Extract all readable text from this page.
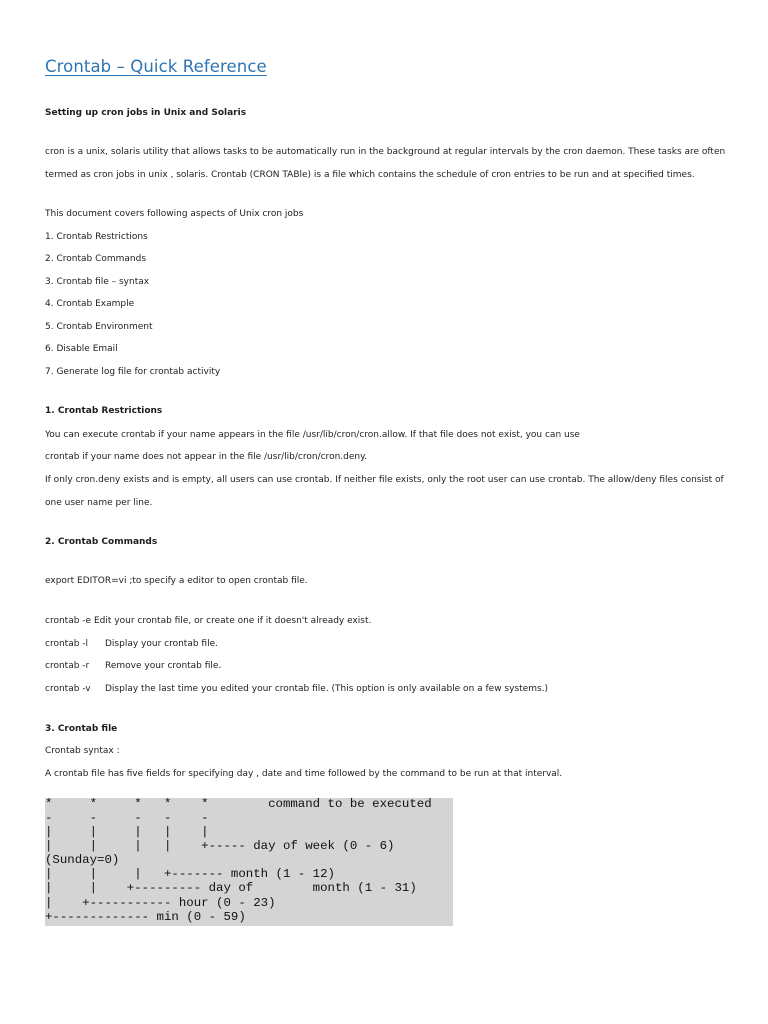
Crontab – Quick Reference

Setting up cron jobs in Unix and Solaris

cron is a unix, solaris utility that allows tasks to be automatically run in the background at regular intervals by the cron daemon. These tasks are often

termed as cron jobs in unix , solaris. Crontab (CRON TABle) is a file which contains the schedule of cron entries to be run and at specified times.

This document covers following aspects of Unix cron jobs

1. Crontab Restrictions

2. Crontab Commands

3. Crontab file – syntax

4. Crontab Example

5. Crontab Environment

6. Disable Email

7. Generate log file for crontab activity

1. Crontab Restrictions

You can execute crontab if your name appears in the file /usr/lib/cron/cron.allow. If that file does not exist, you can use

crontab if your name does not appear in the file /usr/lib/cron/cron.deny.

If only cron.deny exists and is empty, all users can use crontab. If neither file exists, only the root user can use crontab. The allow/deny files consist of

one user name per line.

2. Crontab Commands

export EDITOR=vi ;to specify a editor to open crontab file.

crontab -e Edit your crontab file, or create one if it doesn't already exist.

crontab -l Display your crontab file.

crontab -r Remove your crontab file.

crontab -v Display the last time you edited your crontab file. (This option is only available on a few systems.)

3. Crontab file

Crontab syntax :

A crontab file has five fields for specifying day , date and time followed by the command to be run at that interval.

*     *     *   *    *        command to be executed

-     -     -   -    -

|     |     |   |    |

|     |     |   |    +----- day of week (0 - 6)

(Sunday=0)

|     |     |   +------- month (1 - 12)

|     |    +--------- day of        month (1 - 31)

|    +----------- hour (0 - 23)

+------------- min (0 - 59)
